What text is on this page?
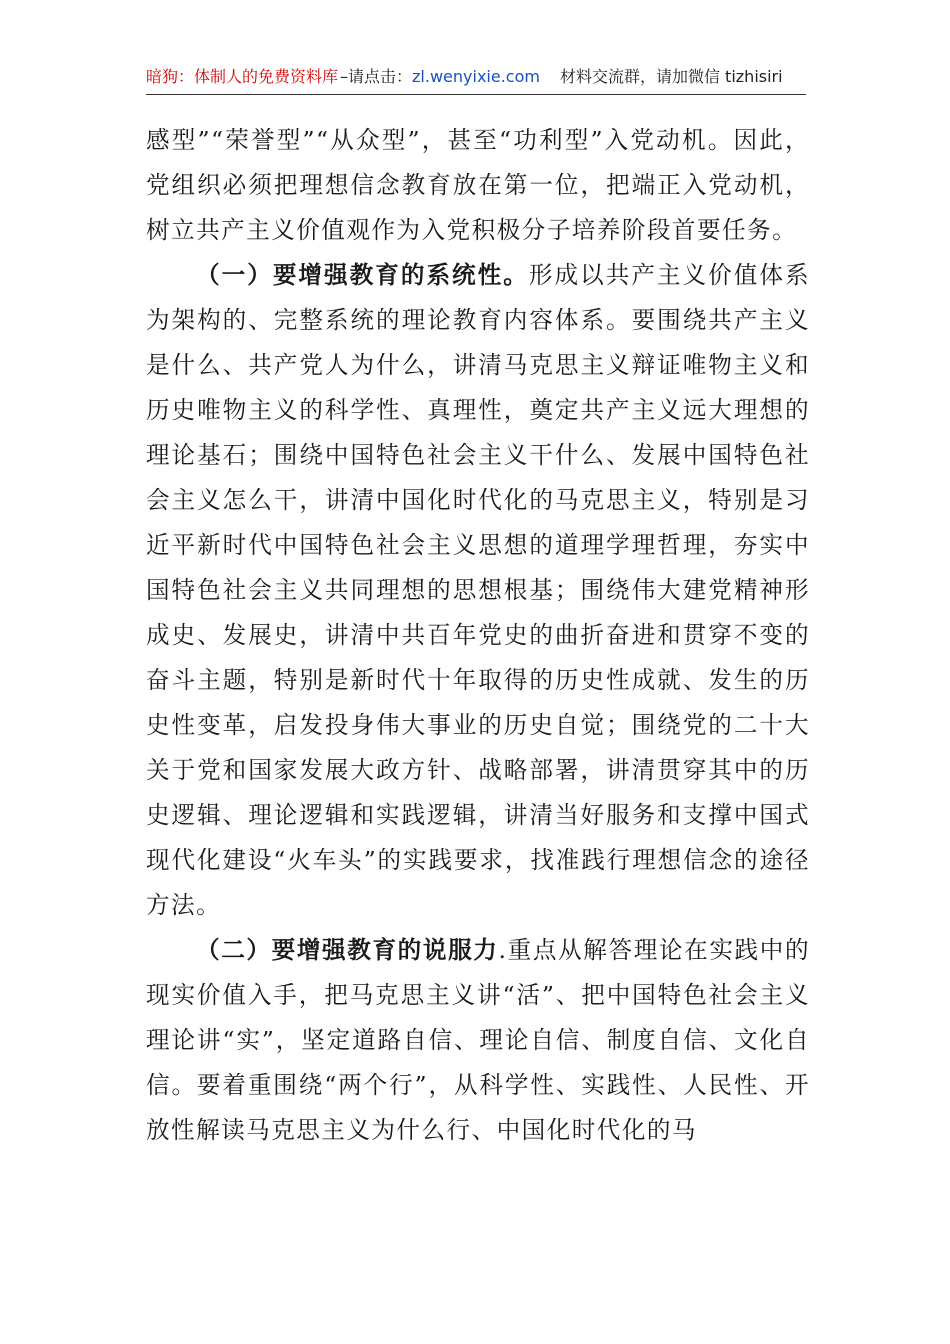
暗狗：体制人的免费资料库 – 请点击： zl.wenyixie.com 材料交流群，请加微信 tizhisiri

感型”“荣誉型”“从众型”，甚至“功利型”入党动机。因此，党组织必须把理想信念教育放在第一位，把端正入党动机，树立共产主义价值观作为入党积极分子培养阶段首要任务。

（一）要增强教育的系统性。形成以共产主义价值体系为架构的、完整系统的理论教育内容体系。要围绕共产主义是什么、共产党人为什么，讲清马克思主义辩证唯物主义和历史唯物主义的科学性、真理性，奠定共产主义远大理想的理论基石；围绕中国特色社会主义干什么、发展中国特色社会主义怎么干，讲清中国化时代化的马克思主义，特别是习近平新时代中国特色社会主义思想的道理学理哲理，夯实中国特色社会主义共同理想的思想根基；围绕伟大建党精神形成史、发展史，讲清中共百年党史的曲折奋进和贯穿不变的奋斗主题，特别是新时代十年取得的历史性成就、发生的历史性变革，启发投身伟大事业的历史自觉；围绕党的二十大关于党和国家发展大政方针、战略部署，讲清贯穿其中的历史逻辑、理论逻辑和实践逻辑，讲清当好服务和支撑中国式现代化建设“火车头”的实践要求，找准践行理想信念的途径方法。

（二）要增强教育的说服力.重点从解答理论在实践中的现实价值入手，把马克思主义讲“活”、把中国特色社会主义理论讲“实”，坚定道路自信、理论自信、制度自信、文化自信。要着重围绕“两个行”，从科学性、实践性、人民性、开放性解读马克思主义为什么行、中国化时代化的马
